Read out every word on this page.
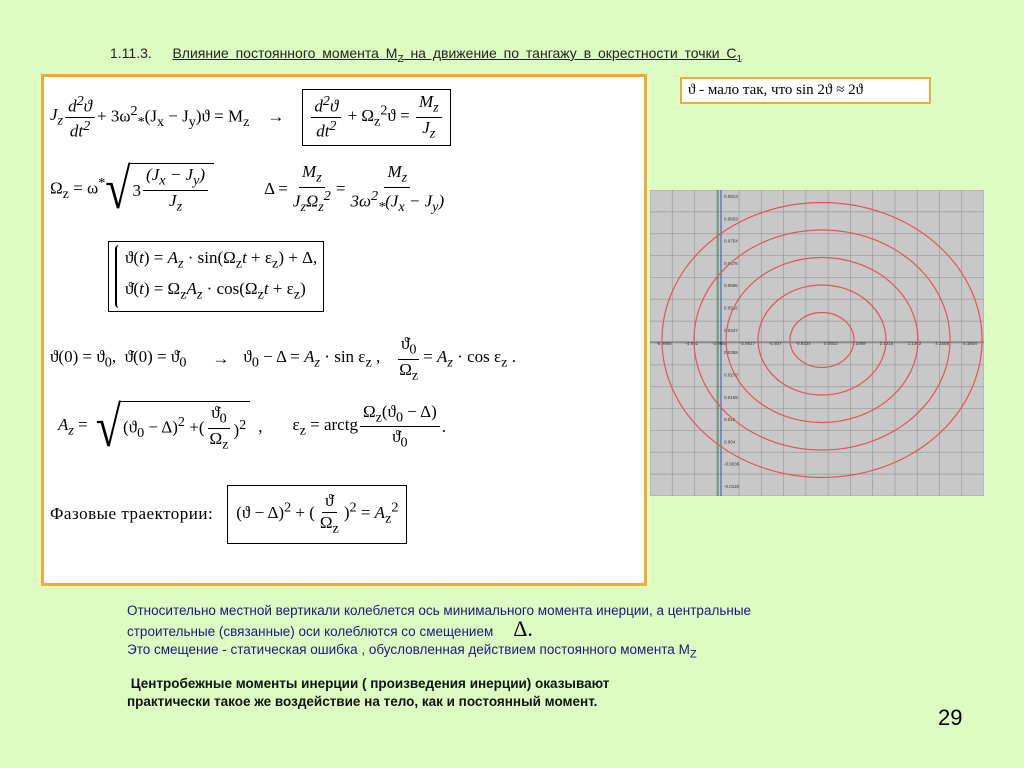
1.11.3. Влияние постоянного момента $M_Z$ на движение по тангажу в окрестности точки $C_1$
$J_z \frac{d^2ϑ}{dt^2} + 3\omega^2_*(J_x - J_y)ϑ = M_z \to \frac{d^2ϑ}{dt^2} + \Omega_z^2ϑ = \frac{M_z}{J_z}$
$\Omega_z = \omega^*$ √ $3 \frac{(J_x - J_y)}{J_z}$	$\Delta = \frac{M_z}{J_z\Omega_z^2} = \frac{M_z}{3\omega^2_*(J_x - J_y)}$
$ϑ(t) = A_z \cdot \sin(\Omega_zt + \varepsilon_z) + \Delta$,
ϑ̇(t) = $\Omega_zA_z \cdot \cos(\Omega_zt + \varepsilon_z)$
$ϑ(0) = ϑ_0$,  ϑ̇(0) = $ϑ̇_0 \to ϑ_0 - \Delta = A_z \cdot \sin \varepsilon_z$ , $\frac{ϑ̇_0}{\Omega_z} = A_z \cdot \cos \varepsilon_z$ .
$A_z$ = √ $(ϑ_0 - \Delta)^2$ + ( $\frac{ϑ̇_0}{\Omega_z} )^2$ , $\varepsilon_z$ = arctg $\frac{\Omega_z(ϑ_0 - \Delta)}{ϑ̇_0}$ .
Фазовые траектории:	$(ϑ - \Delta)^2$ + ( $\frac{ϑ̇}{\Omega_z} )^2 = A_z^2$
ϑ - мало так, что sin 2ϑ ≈ 2ϑ
-5.9956	-4.981	-3.9664	-2.9517	-1.937	-0.9224	0.0922	1.1069	2.1215	3.1362	4.1508	5.1654
0.0913
0.0833
0.0754
0.0675
0.0596
0.0516
0.0437
0.0358
0.0278
0.0199
0.012
0.004
-0.0039
-0.0118
Относительно местной вертикали колеблется ось минимального момента инерции, а центральные
строительные (связанные) оси колеблются со смещением Δ.
Это смещение - статическая ошибка , обусловленная действием постоянного момента $M_Z$
Центробежные моменты инерции ( произведения инерции) оказывают
практически такое же воздействие на тело, как и постоянный момент.
29
